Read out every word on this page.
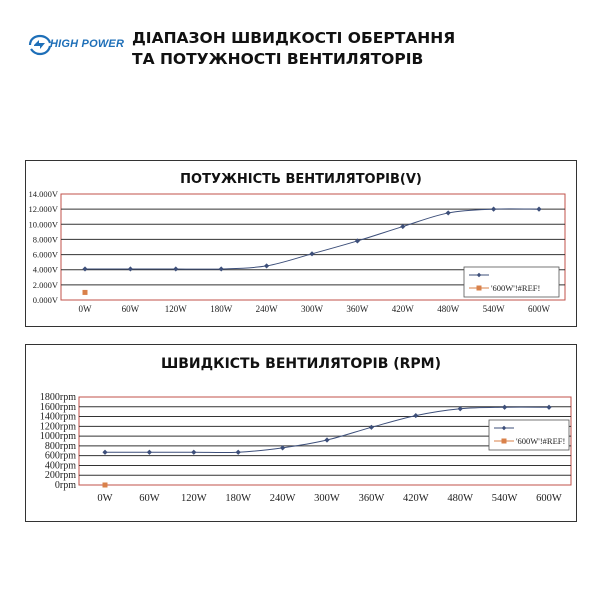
HIGH POWER ДІАПАЗОН ШВИДКОСТІ ОБЕРТАННЯ
ТА ПОТУЖНОСТІ ВЕНТИЛЯТОРІВ
ПОТУЖНІСТЬ ВЕНТИЛЯТОРІВ(V)
0.000V
2.000V
4.000V
6.000V
8.000V
10.000V
12.000V
14.000V
0W	60W	120W	180W	240W	300W	360W	420W	480W	540W	600W
'600W'!#REF!
ШВИДКІСТЬ ВЕНТИЛЯТОРІВ (RPM)
0rpm
200rpm
400rpm
600rpm
800rpm
1000rpm
1200rpm
1400rpm
1600rpm
1800rpm
0W	60W 120W 180W 240W 300W 360W 420W 480W 540W 600W
'600W'!#REF!
